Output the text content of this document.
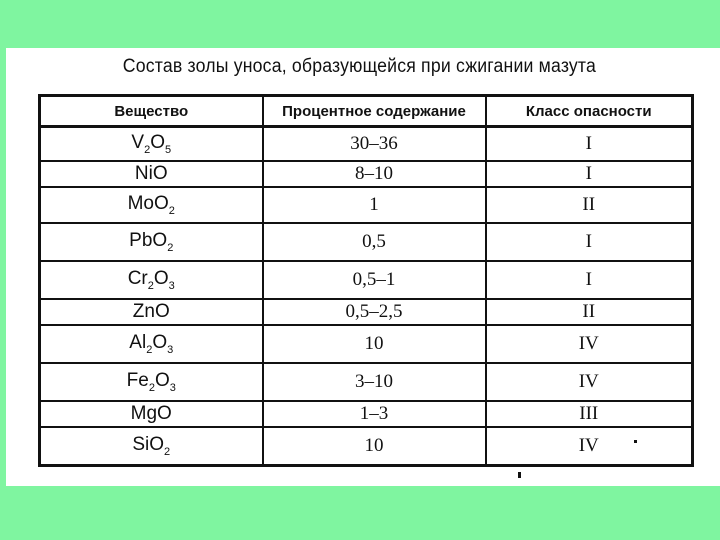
Состав золы уноса, образующейся при сжигании мазута
Вещество	Процентное содержание	Класс опасности
$V_2O_5$	30–36	I
NiO	8–10	I
MoO$_2$	1	II
PbO$_2$	0,5	I
$Cr_2O_3$	0,5–1	I
ZnO	0,5–2,5	II
$Al_2O_3$	10	IV
$Fe_2O_3$	3–10	IV
MgO	1–3	III
SiO$_2$	10	IV
